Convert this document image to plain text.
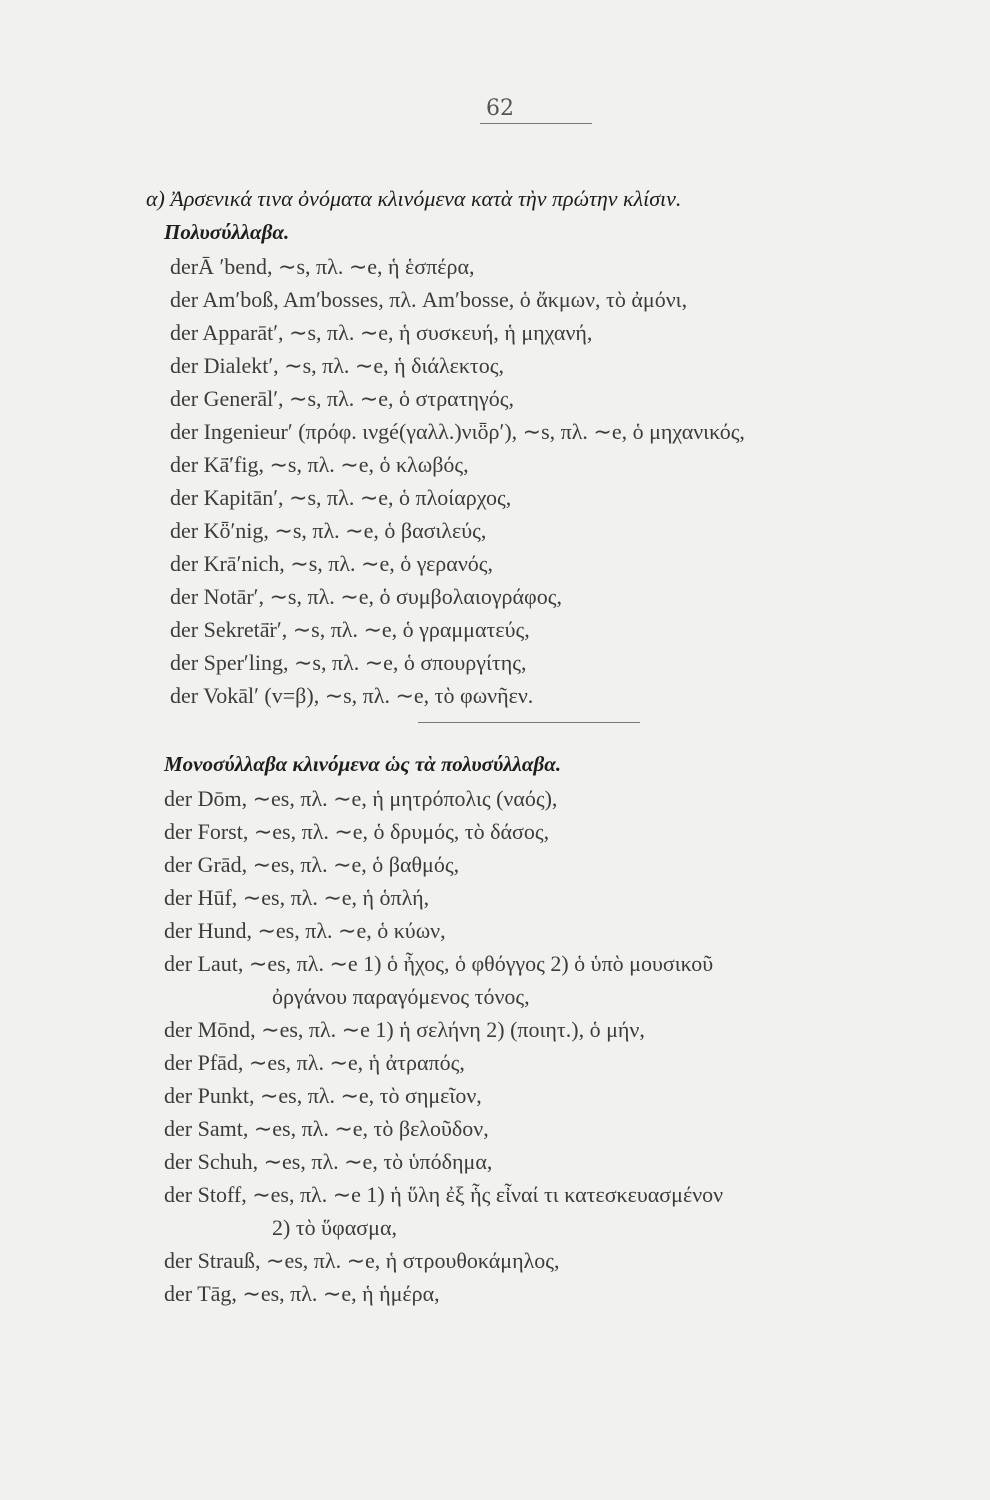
62
α) Ἀρσενικά τινα ὀνόματα κλινόμενα κατὰ τὴν πρώτην κλίσιν.
Πολυσύλλαβα.
derĀ ʹbend, ∼s, πλ. ∼e, ἡ ἑσπέρα,
der Amʹboß, Amʹbosses, πλ. Amʹbosse, ὁ ἄκμων, τὸ ἀμόνι,
der Apparātʹ, ∼s, πλ. ∼e, ἡ συσκευή, ἡ μηχανή,
der Dialektʹ, ∼s, πλ. ∼e, ἡ διάλεκτος,
der Generālʹ, ∼s, πλ. ∼e, ὁ στρατηγός,
der Ingenieurʹ (πρόφ. ινgé(γαλλ.)νιȫρʹ), ∼s, πλ. ∼e, ὁ μηχανικός,
der Kā̈ʹfig, ∼s, πλ. ∼e, ὁ κλωβός,
der Kapitānʹ, ∼s, πλ. ∼e, ὁ πλοίαρχος,
der Kȫʹnig, ∼s, πλ. ∼e, ὁ βασιλεύς,
der Krāʹnich, ∼s, πλ. ∼e, ὁ γερανός,
der Notārʹ, ∼s, πλ. ∼e, ὁ συμβολαιογράφος,
der Sekretā̈rʹ, ∼s, πλ. ∼e, ὁ γραμματεύς,
der Sperʹling, ∼s, πλ. ∼e, ὁ σπουργίτης,
der Vokālʹ (v=β), ∼s, πλ. ∼e, τὸ φωνῆεν.
Μονοσύλλαβα κλινόμενα ὡς τὰ πολυσύλλαβα.
der Dōm, ∼es, πλ. ∼e, ἡ μητρόπολις (ναός),
der Forst, ∼es, πλ. ∼e, ὁ δρυμός, τὸ δάσος,
der Grād, ∼es, πλ. ∼e, ὁ βαθμός,
der Hūf, ∼es, πλ. ∼e, ἡ ὁπλή,
der Hund, ∼es, πλ. ∼e, ὁ κύων,
der Laut, ∼es, πλ. ∼e 1) ὁ ἦχος, ὁ φθόγγος 2) ὁ ὑπὸ μουσικοῦ
ὀργάνου παραγόμενος τόνος,
der Mōnd, ∼es, πλ. ∼e 1) ἡ σελήνη 2) (ποιητ.), ὁ μήν,
der Pfād, ∼es, πλ. ∼e, ἡ ἀτραπός,
der Punkt, ∼es, πλ. ∼e, τὸ σημεῖον,
der Samt, ∼es, πλ. ∼e, τὸ βελοῦδον,
der Schuh, ∼es, πλ. ∼e, τὸ ὑπόδημα,
der Stoff, ∼es, πλ. ∼e 1) ἡ ὕλη ἐξ ἧς εἶναί τι κατεσκευασμένον
2) τὸ ὕφασμα,
der Strauß, ∼es, πλ. ∼e, ἡ στρουθοκάμηλος,
der Tāg, ∼es, πλ. ∼e, ἡ ἡμέρα,
